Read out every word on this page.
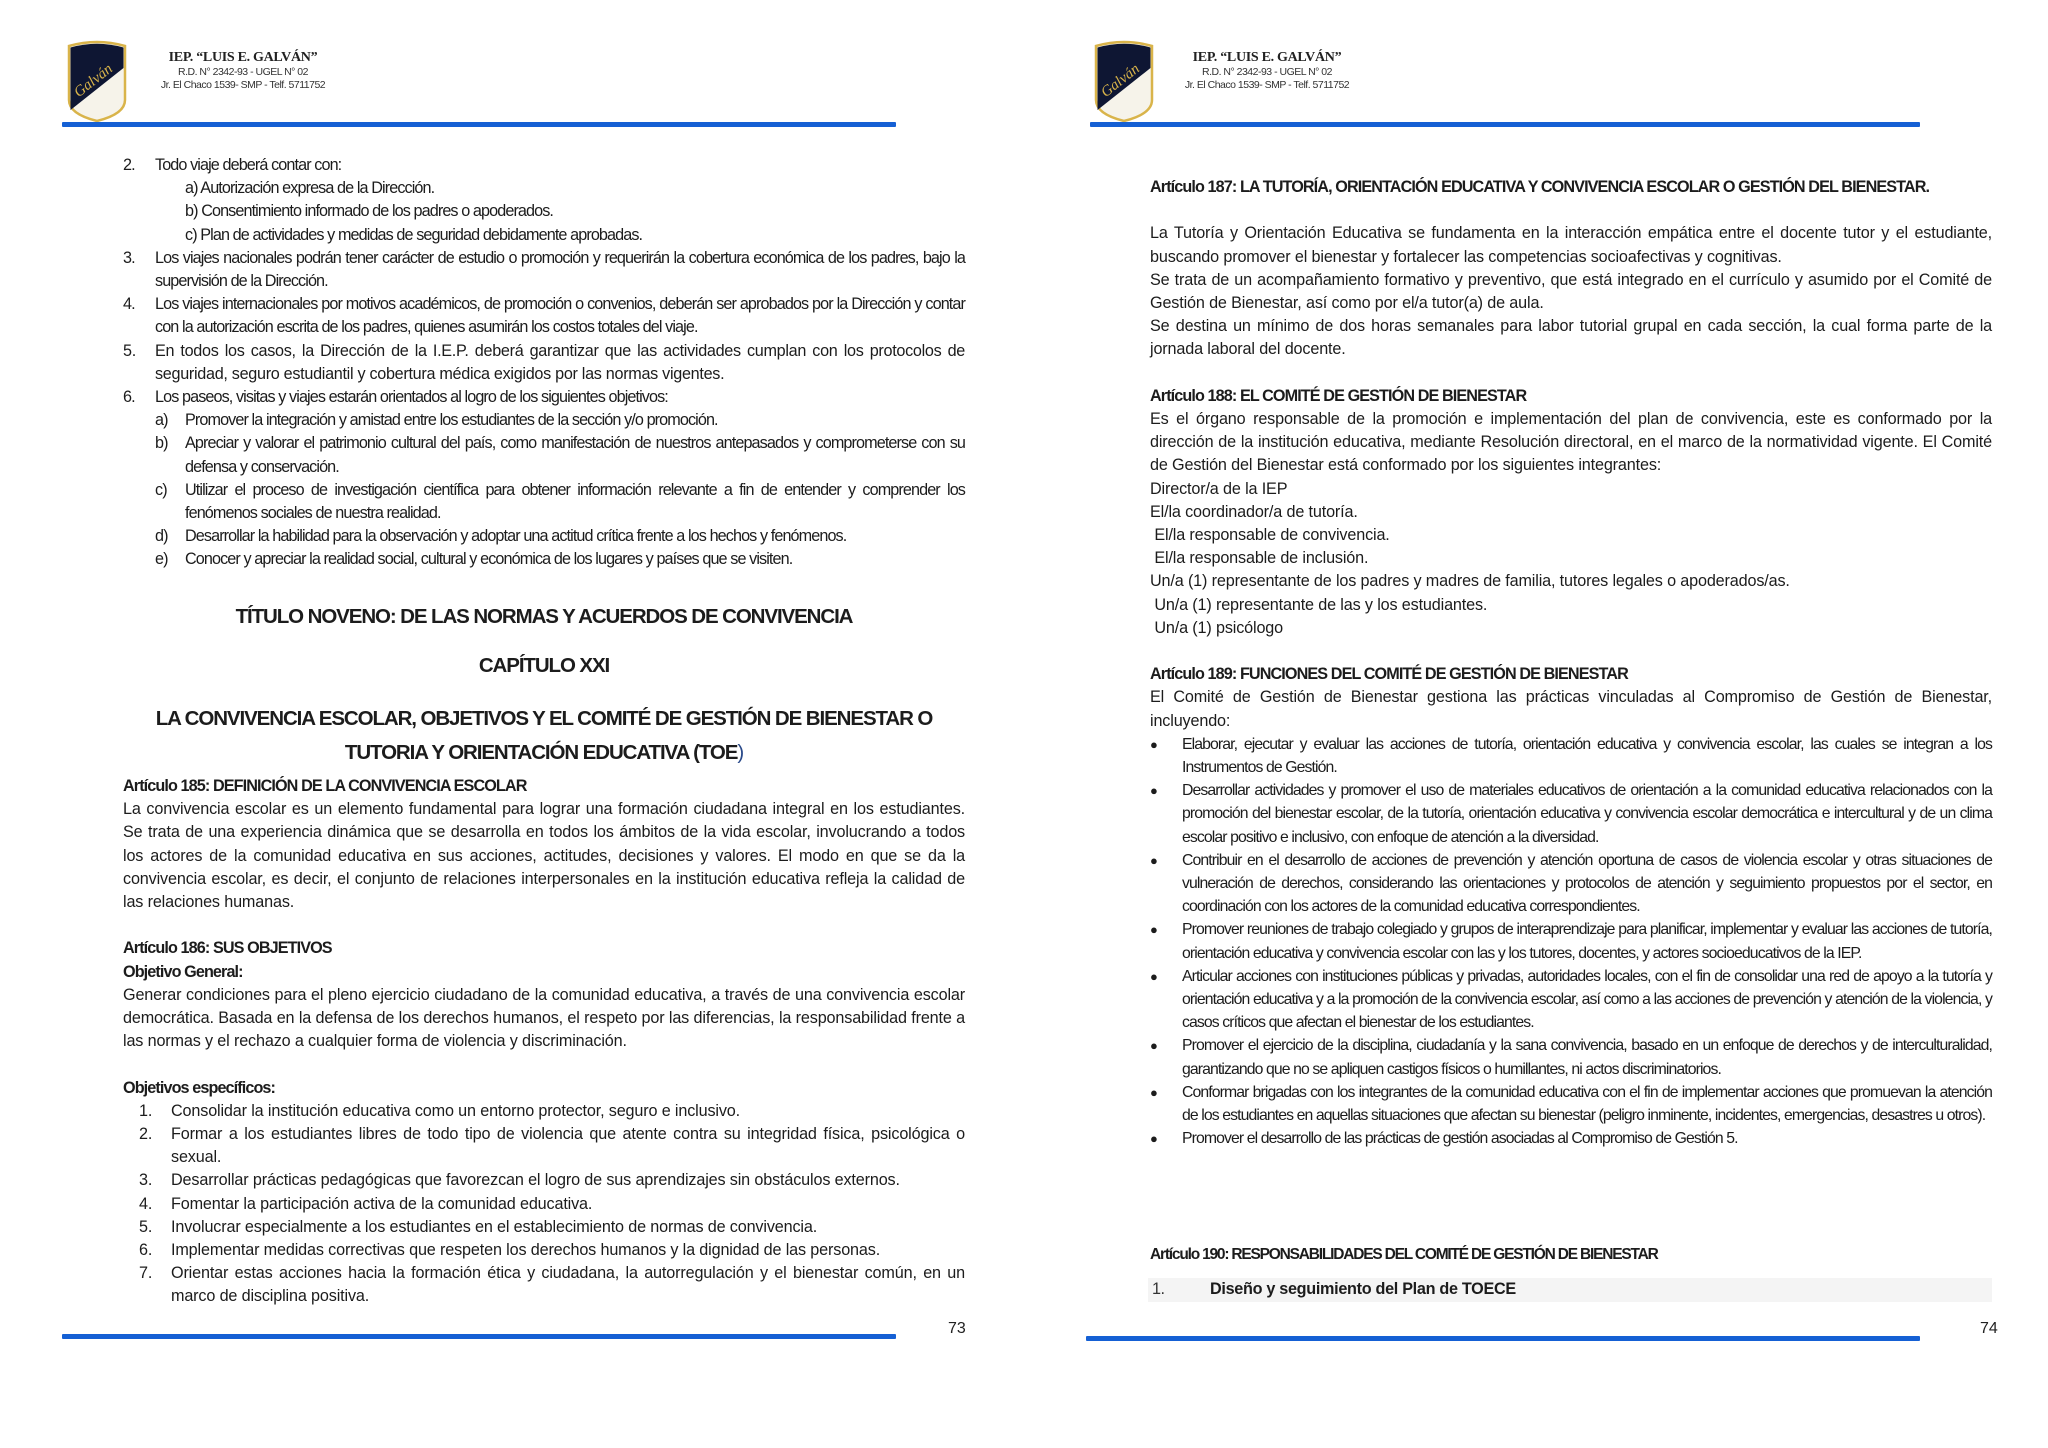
Galván
IEP. “LUIS E. GALVÁN”
R.D. N° 2342-93 - UGEL N° 02
Jr. El Chaco 1539- SMP - Telf. 5711752
2. Todo viaje deberá contar con:
a) Autorización expresa de la Dirección.
b) Consentimiento informado de los padres o apoderados.
c) Plan de actividades y medidas de seguridad debidamente aprobadas.
3. Los viajes nacionales podrán tener carácter de estudio o promoción y requerirán la cobertura económica de los padres, bajo la supervisión de la Dirección.
4. Los viajes internacionales por motivos académicos, de promoción o convenios, deberán ser aprobados por la Dirección y contar con la autorización escrita de los padres, quienes asumirán los costos totales del viaje.
5. En todos los casos, la Dirección de la I.E.P. deberá garantizar que las actividades cumplan con los protocolos de seguridad, seguro estudiantil y cobertura médica exigidos por las normas vigentes.
6. Los paseos, visitas y viajes estarán orientados al logro de los siguientes objetivos:
a) Promover la integración y amistad entre los estudiantes de la sección y/o promoción.
b) Apreciar y valorar el patrimonio cultural del país, como manifestación de nuestros antepasados y comprometerse con su defensa y conservación.
c) Utilizar el proceso de investigación científica para obtener información relevante a fin de entender y comprender los fenómenos sociales de nuestra realidad.
d) Desarrollar la habilidad para la observación y adoptar una actitud crítica frente a los hechos y fenómenos.
e) Conocer y apreciar la realidad social, cultural y económica de los lugares y países que se visiten.
TÍTULO NOVENO: DE LAS NORMAS Y ACUERDOS DE CONVIVENCIA
CAPÍTULO XXI
LA CONVIVENCIA ESCOLAR, OBJETIVOS Y EL COMITÉ DE GESTIÓN DE BIENESTAR O
TUTORIA Y ORIENTACIÓN EDUCATIVA (TOE)
Artículo 185: DEFINICIÓN DE LA CONVIVENCIA ESCOLAR
La convivencia escolar es un elemento fundamental para lograr una formación ciudadana integral en los estudiantes. Se trata de una experiencia dinámica que se desarrolla en todos los ámbitos de la vida escolar, involucrando a todos los actores de la comunidad educativa en sus acciones, actitudes, decisiones y valores. El modo en que se da la convivencia escolar, es decir, el conjunto de relaciones interpersonales en la institución educativa refleja la calidad de las relaciones humanas.
Artículo 186: SUS OBJETIVOS
Objetivo General:
Generar condiciones para el pleno ejercicio ciudadano de la comunidad educativa, a través de una convivencia escolar democrática. Basada en la defensa de los derechos humanos, el respeto por las diferencias, la responsabilidad frente a las normas y el rechazo a cualquier forma de violencia y discriminación.
Objetivos específicos:
1. Consolidar la institución educativa como un entorno protector, seguro e inclusivo.
2. Formar a los estudiantes libres de todo tipo de violencia que atente contra su integridad física, psicológica o sexual.
3. Desarrollar prácticas pedagógicas que favorezcan el logro de sus aprendizajes sin obstáculos externos.
4. Fomentar la participación activa de la comunidad educativa.
5. Involucrar especialmente a los estudiantes en el establecimiento de normas de convivencia.
6. Implementar medidas correctivas que respeten los derechos humanos y la dignidad de las personas.
7. Orientar estas acciones hacia la formación ética y ciudadana, la autorregulación y el bienestar común, en un marco de disciplina positiva.
73
Galván
IEP. “LUIS E. GALVÁN”
R.D. N° 2342-93 - UGEL N° 02
Jr. El Chaco 1539- SMP - Telf. 5711752
Artículo 187: LA TUTORÍA, ORIENTACIÓN EDUCATIVA Y CONVIVENCIA ESCOLAR O GESTIÓN DEL BIENESTAR.
La Tutoría y Orientación Educativa se fundamenta en la interacción empática entre el docente tutor y el estudiante, buscando promover el bienestar y fortalecer las competencias socioafectivas y cognitivas.
Se trata de un acompañamiento formativo y preventivo, que está integrado en el currículo y asumido por el Comité de Gestión de Bienestar, así como por el/a tutor(a) de aula.
Se destina un mínimo de dos horas semanales para labor tutorial grupal en cada sección, la cual forma parte de la jornada laboral del docente.
Artículo 188: EL COMITÉ DE GESTIÓN DE BIENESTAR
Es el órgano responsable de la promoción e implementación del plan de convivencia, este es conformado por la dirección de la institución educativa, mediante Resolución directoral, en el marco de la normatividad vigente. El Comité de Gestión del Bienestar está conformado por los siguientes integrantes:
Director/a de la IEP
El/la coordinador/a de tutoría.
El/la responsable de convivencia.
El/la responsable de inclusión.
Un/a (1) representante de los padres y madres de familia, tutores legales o apoderados/as.
Un/a (1) representante de las y los estudiantes.
Un/a (1) psicólogo
Artículo 189: FUNCIONES DEL COMITÉ DE GESTIÓN DE BIENESTAR
El Comité de Gestión de Bienestar gestiona las prácticas vinculadas al Compromiso de Gestión de Bienestar, incluyendo:
● Elaborar, ejecutar y evaluar las acciones de tutoría, orientación educativa y convivencia escolar, las cuales se integran a los Instrumentos de Gestión.
● Desarrollar actividades y promover el uso de materiales educativos de orientación a la comunidad educativa relacionados con la promoción del bienestar escolar, de la tutoría, orientación educativa y convivencia escolar democrática e intercultural y de un clima escolar positivo e inclusivo, con enfoque de atención a la diversidad.
● Contribuir en el desarrollo de acciones de prevención y atención oportuna de casos de violencia escolar y otras situaciones de vulneración de derechos, considerando las orientaciones y protocolos de atención y seguimiento propuestos por el sector, en coordinación con los actores de la comunidad educativa correspondientes.
● Promover reuniones de trabajo colegiado y grupos de interaprendizaje para planificar, implementar y evaluar las acciones de tutoría, orientación educativa y convivencia escolar con las y los tutores, docentes, y actores socioeducativos de la IEP.
● Articular acciones con instituciones públicas y privadas, autoridades locales, con el fin de consolidar una red de apoyo a la tutoría y orientación educativa y a la promoción de la convivencia escolar, así como a las acciones de prevención y atención de la violencia, y casos críticos que afectan el bienestar de los estudiantes.
● Promover el ejercicio de la disciplina, ciudadanía y la sana convivencia, basado en un enfoque de derechos y de interculturalidad, garantizando que no se apliquen castigos físicos o humillantes, ni actos discriminatorios.
● Conformar brigadas con los integrantes de la comunidad educativa con el fin de implementar acciones que promuevan la atención de los estudiantes en aquellas situaciones que afectan su bienestar (peligro inminente, incidentes, emergencias, desastres u otros).
● Promover el desarrollo de las prácticas de gestión asociadas al Compromiso de Gestión 5.
Artículo 190: RESPONSABILIDADES DEL COMITÉ DE GESTIÓN DE BIENESTAR
1.	Diseño y seguimiento del Plan de TOECE
74
